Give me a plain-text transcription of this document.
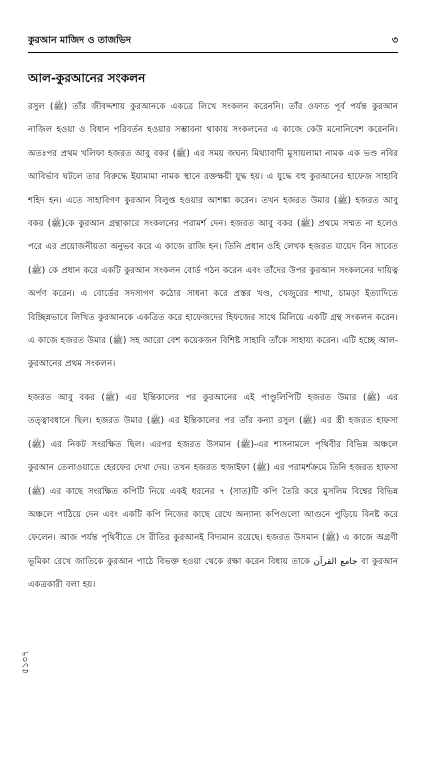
কুরআন মাজিদ ও তাজভিদ	৩
আল-কুরআনের সংকলন

রসুল (ﷺ) তাঁর জীবদ্দশায় কুরআনকে একত্রে লিখে সংকলন করেননি। তাঁর ওফাত পূর্ব পর্যন্ত কুরআন নাজিল হওয়া ও বিধান পরিবর্তন হওয়ার সম্ভাবনা থাকায় সংকলনের এ কাজে কেউ মনোনিবেশ করেননি। অতঃপর প্রথম খলিফা হজরত আবু বকর (ﷺ) এর সময় জঘন্য মিথ্যাবাদী মুসায়লামা নামক এক ভণ্ড নবির আবির্ভাব ঘটলে তার বিরুদ্ধে ইয়ামামা নামক স্থানে রক্তক্ষয়ী যুদ্ধ হয়। এ যুদ্ধে বহু কুরআনের হাফেজ সাহাবি শহিদ হন। এতে সাহাবিগণ কুরআন বিলুপ্ত হওয়ার আশঙ্কা করেন। তখন হজরত উমার (ﷺ) হজরত আবু বকর (ﷺ)কে কুরআন গ্রন্থাকারে সংকলনের পরামর্শ দেন। হজরত আবু বকর (ﷺ) প্রথমে সম্মত না হলেও পরে এর প্রয়োজনীয়তা অনুভব করে এ কাজে রাজি হন। তিনি প্রধান ওহি লেখক হজরত যায়েদ বিন সাবেত (ﷺ) কে প্রধান করে একটি কুরআন সংকলন বোর্ড গঠন করেন এবং তাঁদের উপর কুরআন সংকলনের দায়িত্ব অর্পণ করেন। এ বোর্ডের সদস্যগণ কঠোর সাধনা করে প্রস্তর খণ্ড, খেজুরের শাখা, চামড়া ইত্যাদিতে বিচ্ছিন্নভাবে লিখিত কুরআনকে একত্রিত করে হাফেজদের হিফজের সাথে মিলিয়ে একটি গ্রন্থ সংকলন করেন। এ কাজে হজরত উমার (ﷺ) সহ আরো বেশ কয়েকজন বিশিষ্ট সাহাবি তাঁকে সাহায্য করেন। এটি হচ্ছে আল-কুরআনের প্রথম সংকলন।

হজরত আবু বকর (ﷺ) এর ইন্তিকালের পর কুরআনের এই পাণ্ডুলিপিটি হজরত উমার (ﷺ) এর তত্ত্বাবধানে ছিল। হজরত উমার (ﷺ) এর ইন্তিকালের পর তাঁর কন্যা রসুল (ﷺ) এর স্ত্রী হজরত হাফসা (ﷺ) এর নিকট সংরক্ষিত ছিল। এরপর হজরত উসমান (ﷺ)-এর শাসনামলে পৃথিবীর বিভিন্ন অঞ্চলে কুরআন তেলাওয়াতে হেরফের দেখা দেয়। তখন হজরত হুজাইফা (ﷺ) এর পরামর্শক্রমে তিনি হজরত হাফসা (ﷺ) এর কাছে সংরক্ষিত কপিটি নিয়ে একই ধরনের ৭ (সাত)টি কপি তৈরি করে মুসলিম বিশ্বের বিভিন্ন অঞ্চলে পাঠিয়ে দেন এবং একটি কপি নিজের কাছে রেখে অন্যান্য কপিগুলো আগুনে পুড়িয়ে বিনষ্ট করে ফেলেন। আজ পর্যন্ত পৃথিবীতে সে রীতির কুরআনই বিদ্যমান রয়েছে। হজরত উসমান (ﷺ) এ কাজে অগ্রণী ভূমিকা রেখে জাতিকে কুরআন পাঠে বিভক্ত হওয়া থেকে রক্ষা করেন বিধায় তাকে جامع القرآن বা কুরআন একত্রকারী বলা হয়।

৫১০৭
